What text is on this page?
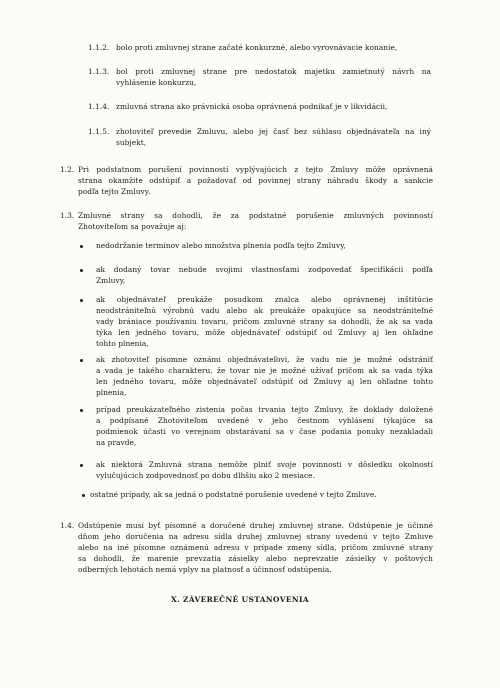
1.1.2. bolo proti zmluvnej strane začaté konkurzné, alebo vyrovnávacie konanie,
1.1.3. bol proti zmluvnej strane pre nedostatok majetku zamietnutý návrh na
vyhlásenie konkurzu,
1.1.4. zmluvná strana ako právnická osoba oprávnená podnikať je v likvidácii,
1.1.5. zhotoviteľ prevedie Zmluvu, alebo jej časť bez súhlasu objednávateľa na iný
subjekt,
1.2. Pri podstatnom porušení povinností vyplývajúcich z tejto Zmluvy môže oprávnená
strana okamžite odstúpiť a požadovať od povinnej strany náhradu škody a sankcie
podľa tejto Zmluvy.
1.3. Zmluvné strany sa dohodli, že za podstatné porušenie zmluvných povinností
Zhotoviteľom sa považuje aj:
nedodržanie termínov alebo množstva plnenia podľa tejto Zmluvy,
ak dodaný tovar nebude svojimi vlastnosťami zodpovedať špecifikácii podľa
Zmluvy,
ak objednávateľ preukáže posudkom znalca alebo oprávnenej inštitúcie
neodstrániteľnú výrobnú vadu alebo ak preukáže opakujúce sa neodstrániteľné
vady brániace používaniu tovaru, pričom zmluvné strany sa dohodli, že ak sa vada
týka len jedného tovaru, môže objednávateľ odstúpiť od Zmluvy aj len ohľadne
tohto plnenia,
ak zhotoviteľ písomne oznámi objednávateľovi, že vadu nie je možné odstrániť
a vada je takého charakteru, že tovar nie je možné užívať pričom ak sa vada týka
len jedného tovaru, môže objednávateľ odstúpiť od Zmluvy aj len ohľadne tohto
plnenia,
prípad preukázateľného zistenia počas trvania tejto Zmluvy, že doklady doložené
a podpísané Zhotoviteľom uvedené v jeho čestnom vyhlásení týkajúce sa
podmienok účasti vo verejnom obstarávaní sa v čase podania ponuky nezakladali
na pravde,
ak niektorá Zmluvná strana nemôže plniť svoje povinnosti v dôsledku okolností
vylučujúcich zodpovednosť po dobu dlhšiu ako 2 mesiace.
ostatné prípady, ak sa jedná o podstatné porušenie uvedené v tejto Zmluve.
1.4. Odstúpenie musí byť písomné a doručené druhej zmluvnej strane. Odstúpenie je účinné
dňom jeho doručenia na adresu sídla druhej zmluvnej strany uvedenú v tejto Zmluve
alebo na iné písomne oznámenú adresu v prípade zmeny sídla, pričom zmluvné strany
sa dohodli, že marenie prevzatia zásielky alebo neprevzatie zásielky v poštových
odberných lehotách nemá vplyv na platnosť a účinnosť odstúpenia.
X. ZÁVEREČNÉ USTANOVENIA
